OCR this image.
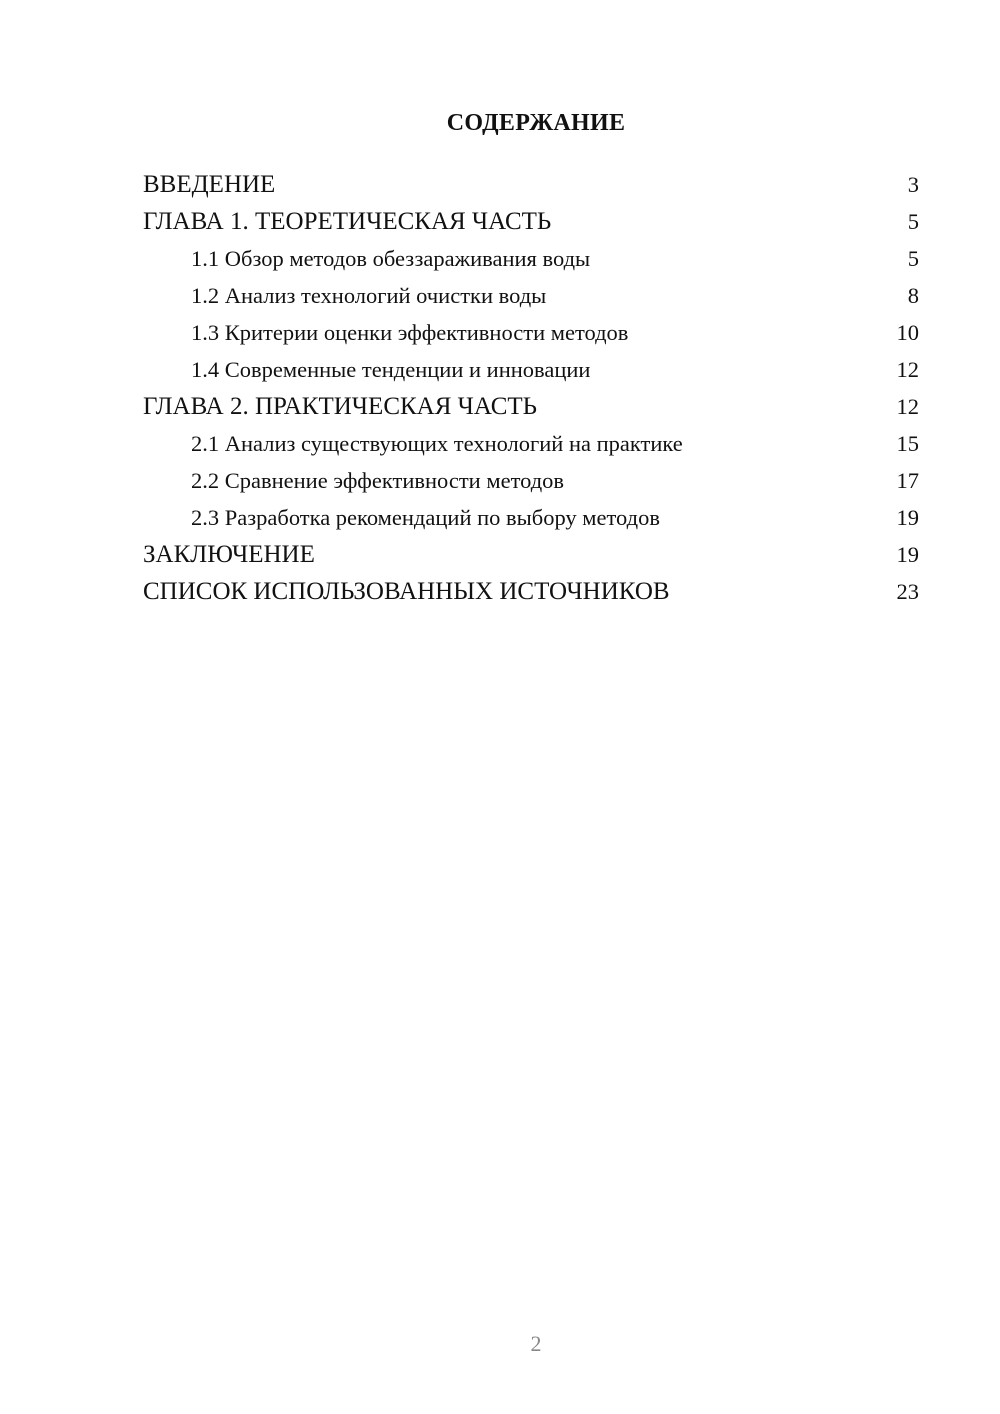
СОДЕРЖАНИЕ
ВВЕДЕНИЕ	3
ГЛАВА 1. ТЕОРЕТИЧЕСКАЯ ЧАСТЬ	5
1.1 Обзор методов обеззараживания воды	5
1.2 Анализ технологий очистки воды	8
1.3 Критерии оценки эффективности методов	10
1.4 Современные тенденции и инновации	12
ГЛАВА 2. ПРАКТИЧЕСКАЯ ЧАСТЬ	12
2.1 Анализ существующих технологий на практике	15
2.2 Сравнение эффективности методов	17
2.3 Разработка рекомендаций по выбору методов	19
ЗАКЛЮЧЕНИЕ	19
СПИСОК ИСПОЛЬЗОВАННЫХ ИСТОЧНИКОВ	23
2
